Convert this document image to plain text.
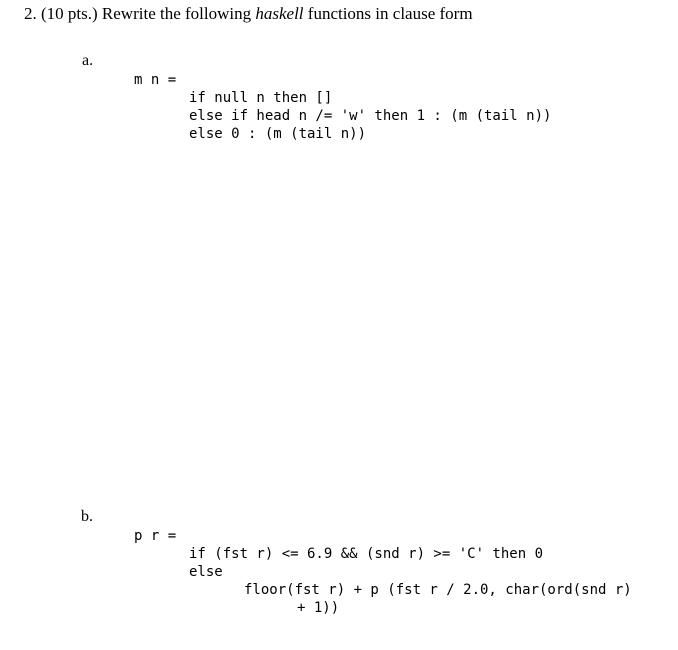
2. (10 pts.) Rewrite the following haskell functions in clause form
a.
m n =
if null n then []
else if head n /= 'w' then 1 : (m (tail n))
else 0 : (m (tail n))
b.
p r =
if (fst r) <= 6.9 && (snd r) >= 'C' then 0
else
floor(fst r) + p (fst r / 2.0, char(ord(snd r)
+ 1))
